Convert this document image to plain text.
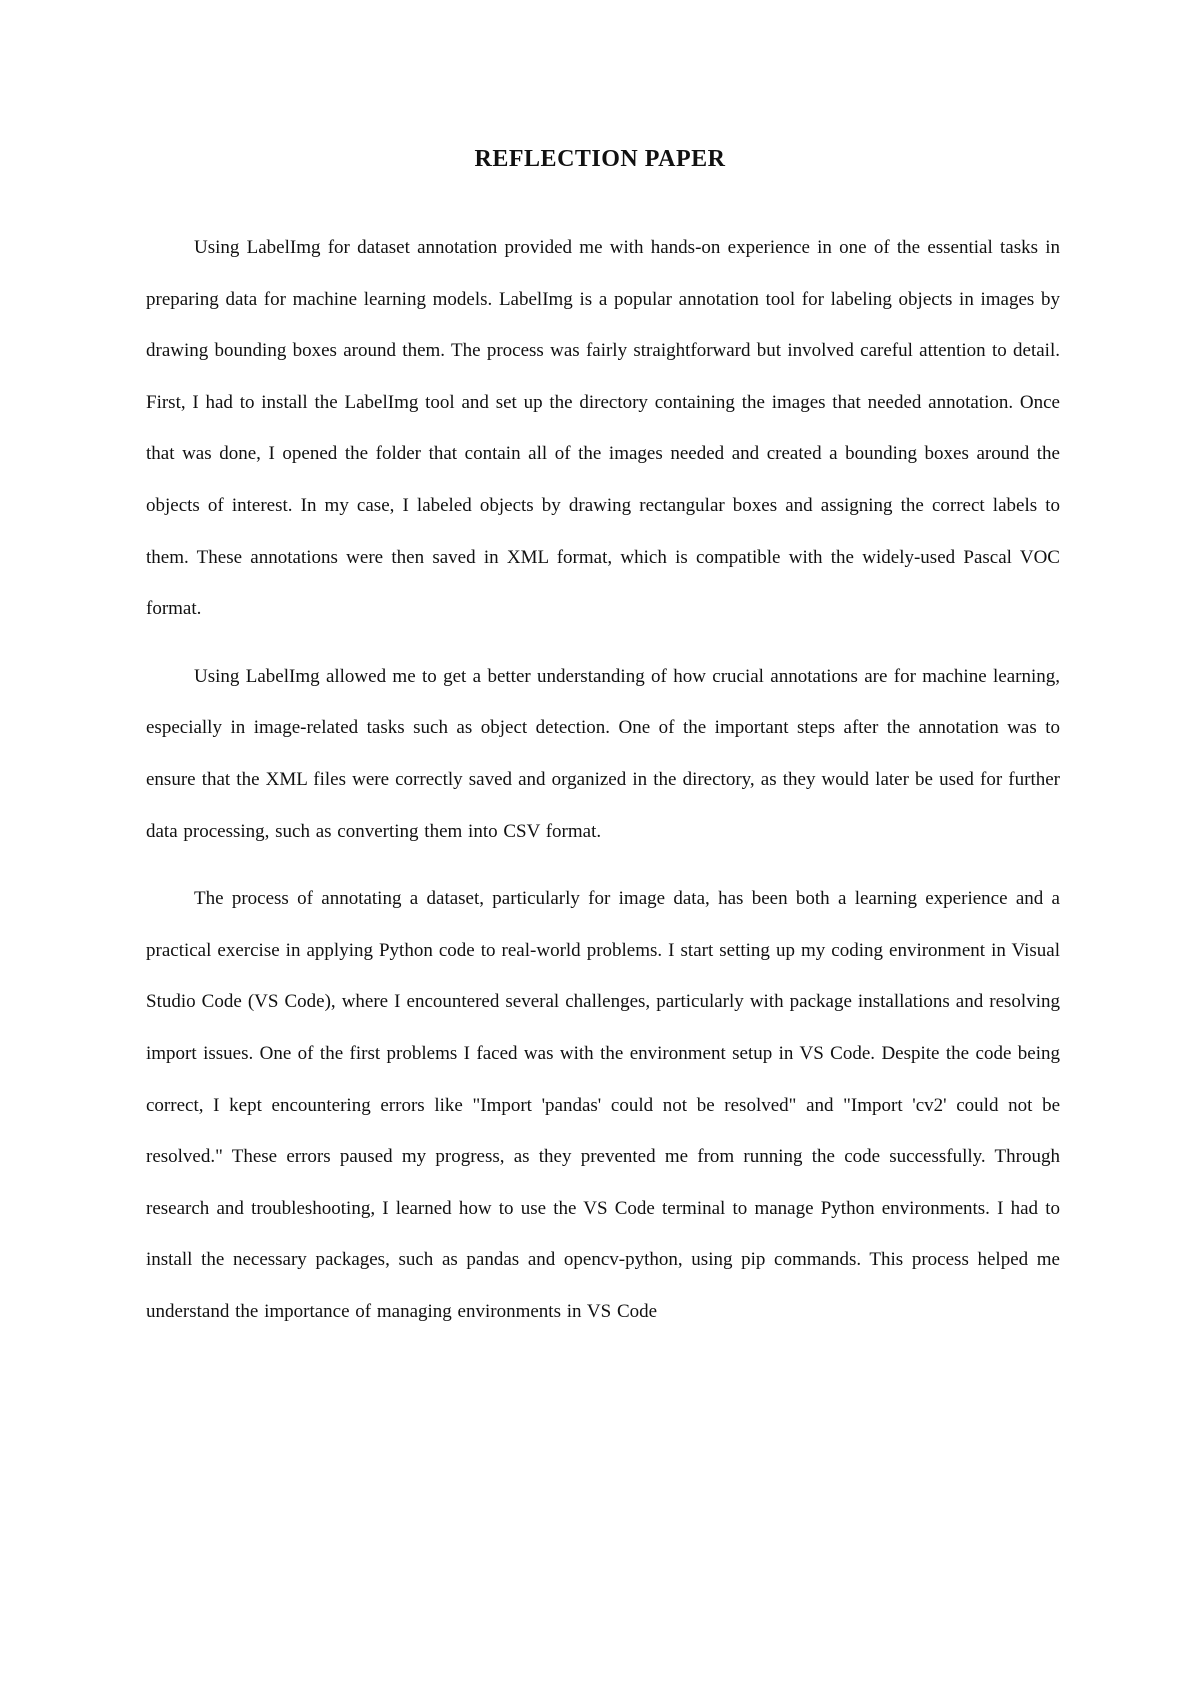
REFLECTION PAPER

Using LabelImg for dataset annotation provided me with hands-on experience in one of the essential tasks in preparing data for machine learning models. LabelImg is a popular annotation tool for labeling objects in images by drawing bounding boxes around them. The process was fairly straightforward but involved careful attention to detail. First, I had to install the LabelImg tool and set up the directory containing the images that needed annotation. Once that was done, I opened the folder that contain all of the images needed and created a bounding boxes around the objects of interest. In my case, I labeled objects by drawing rectangular boxes and assigning the correct labels to them. These annotations were then saved in XML format, which is compatible with the widely-used Pascal VOC format.

Using LabelImg allowed me to get a better understanding of how crucial annotations are for machine learning, especially in image-related tasks such as object detection. One of the important steps after the annotation was to ensure that the XML files were correctly saved and organized in the directory, as they would later be used for further data processing, such as converting them into CSV format.

The process of annotating a dataset, particularly for image data, has been both a learning experience and a practical exercise in applying Python code to real-world problems. I start setting up my coding environment in Visual Studio Code (VS Code), where I encountered several challenges, particularly with package installations and resolving import issues. One of the first problems I faced was with the environment setup in VS Code. Despite the code being correct, I kept encountering errors like "Import 'pandas' could not be resolved" and "Import 'cv2' could not be resolved." These errors paused my progress, as they prevented me from running the code successfully. Through research and troubleshooting, I learned how to use the VS Code terminal to manage Python environments. I had to install the necessary packages, such as pandas and opencv-python, using pip commands. This process helped me understand the importance of managing environments in VS Code
